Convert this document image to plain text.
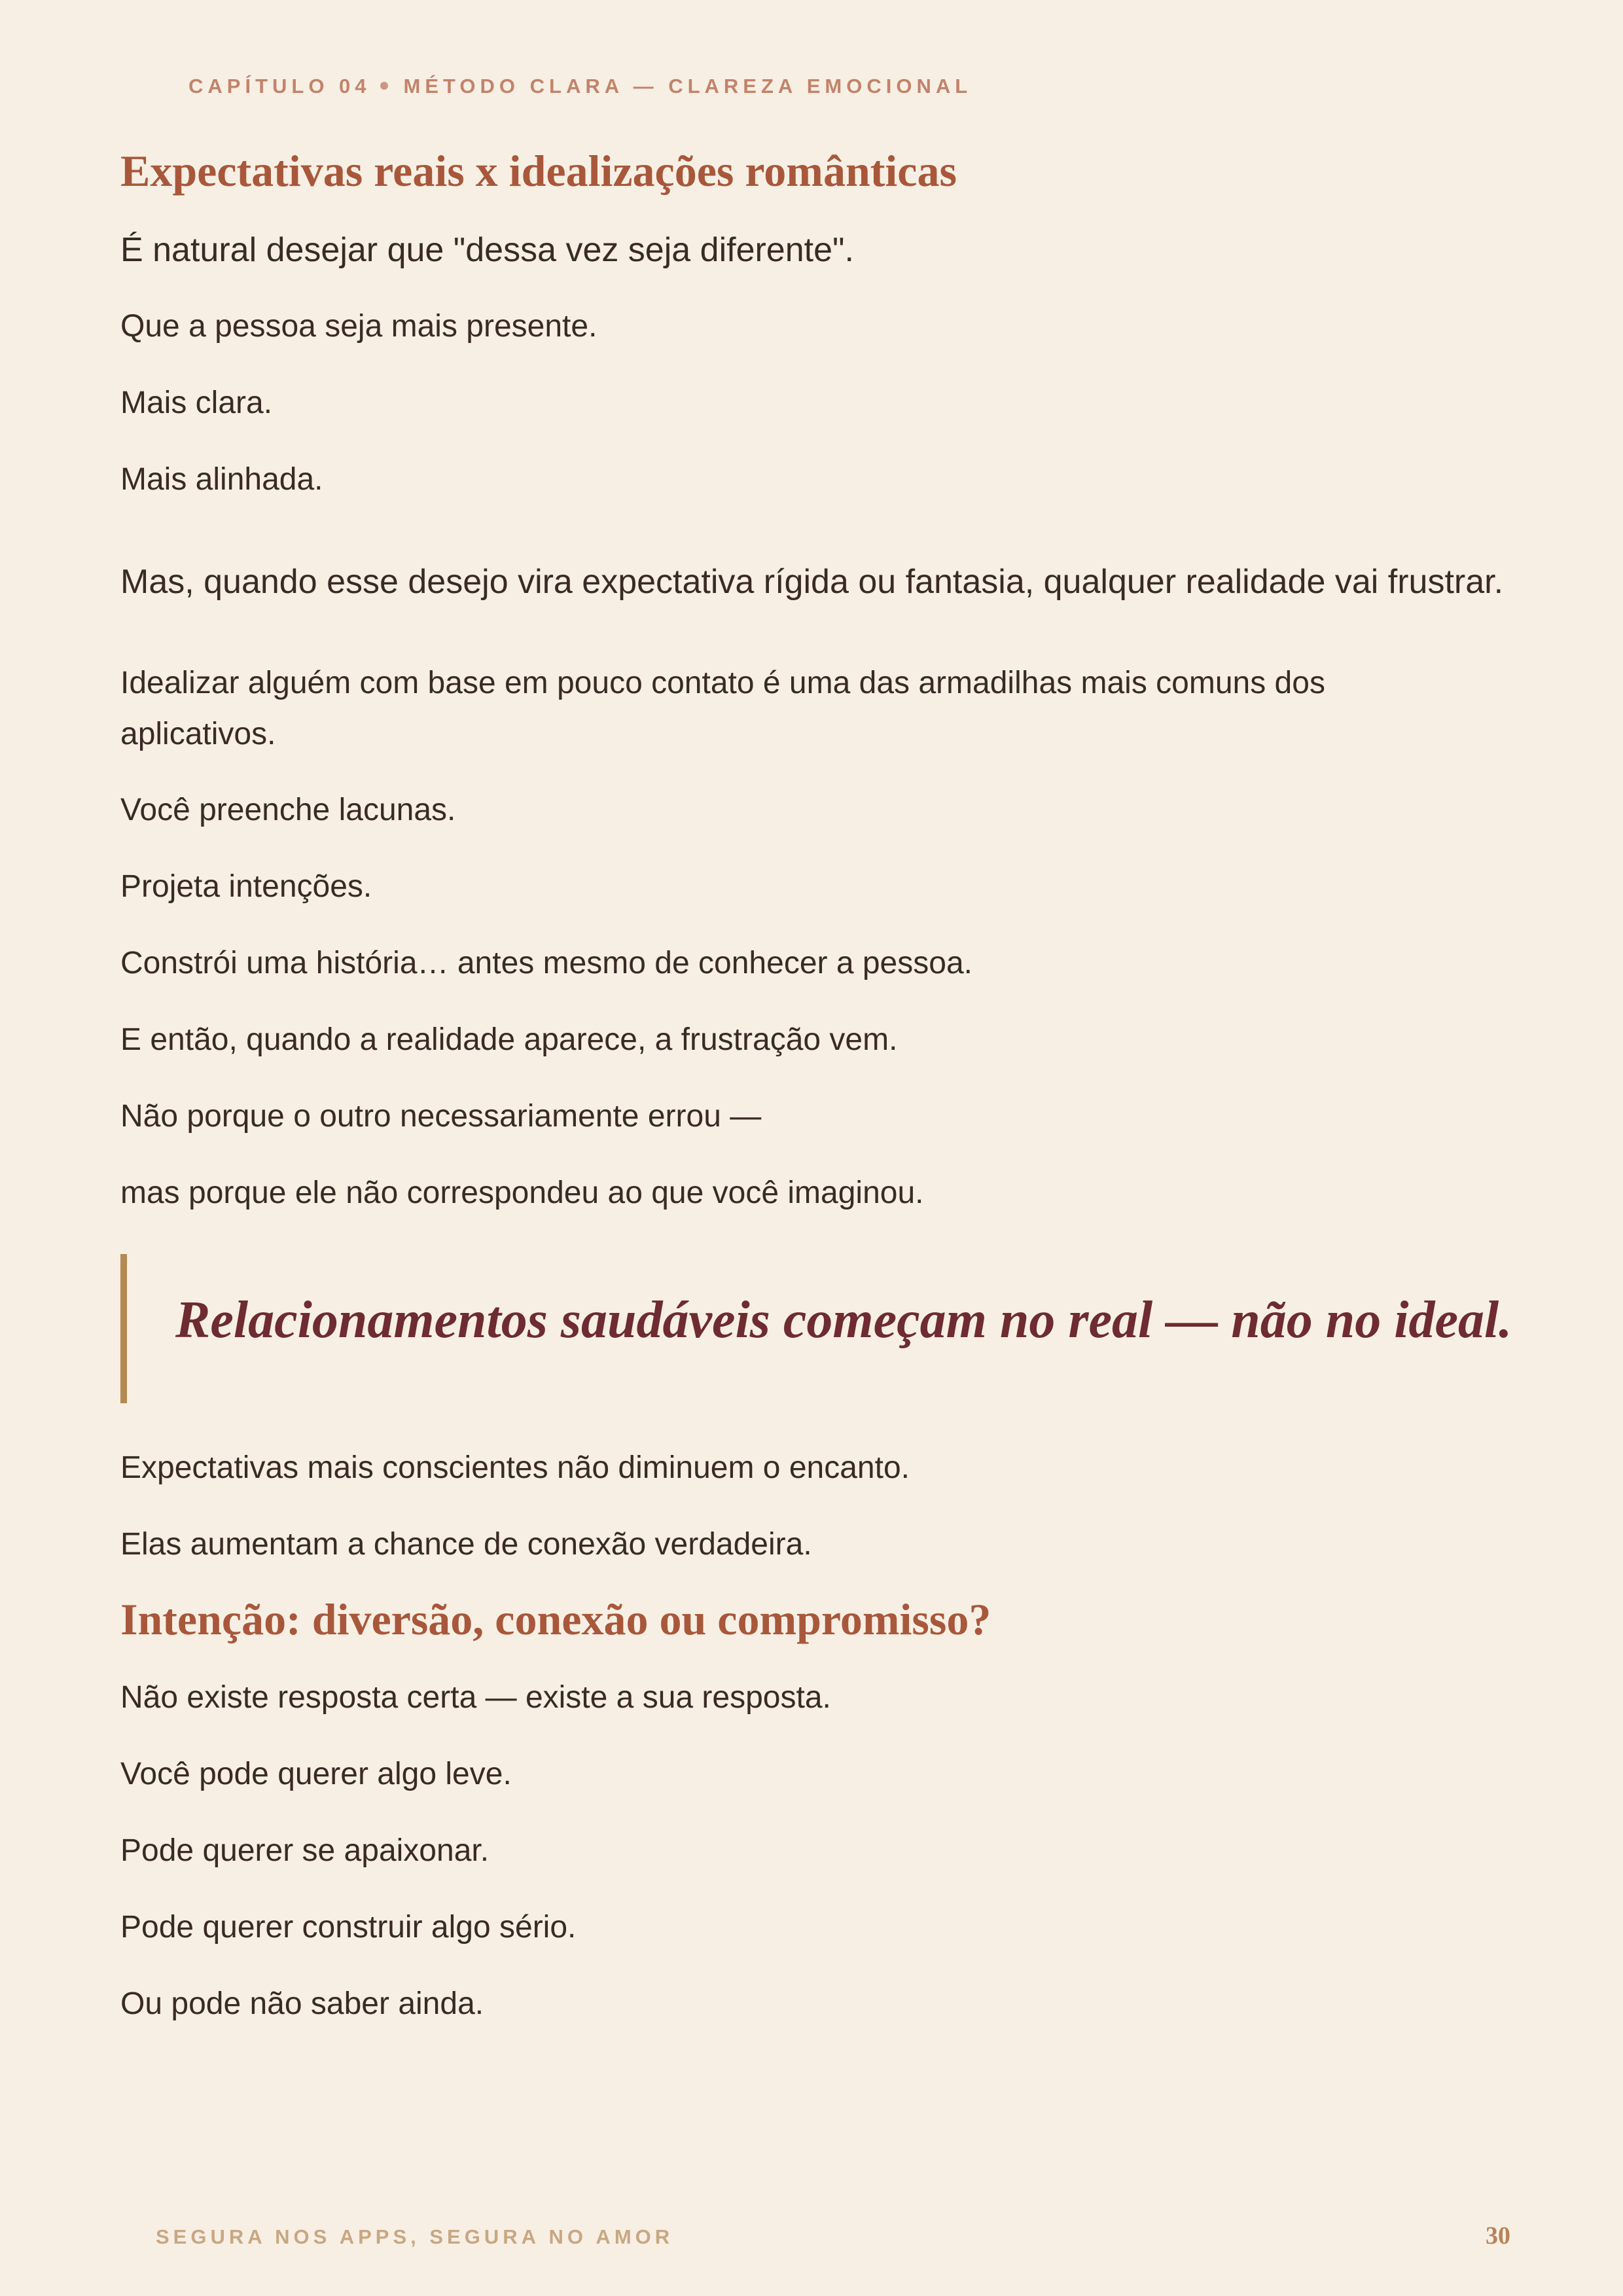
CAPÍTULO 04 MÉTODO CLARA — CLAREZA EMOCIONAL
Expectativas reais x idealizações românticas

É natural desejar que "dessa vez seja diferente".

Que a pessoa seja mais presente.

Mais clara.

Mais alinhada.

Mas, quando esse desejo vira expectativa rígida ou fantasia, qualquer realidade vai frustrar.

Idealizar alguém com base em pouco contato é uma das armadilhas mais comuns dos aplicativos.

Você preenche lacunas.

Projeta intenções.

Constrói uma história… antes mesmo de conhecer a pessoa.

E então, quando a realidade aparece, a frustração vem.

Não porque o outro necessariamente errou —

mas porque ele não correspondeu ao que você imaginou.

Relacionamentos saudáveis começam no real — não no ideal.

Expectativas mais conscientes não diminuem o encanto.

Elas aumentam a chance de conexão verdadeira.

Intenção: diversão, conexão ou compromisso?

Não existe resposta certa — existe a sua resposta.

Você pode querer algo leve.

Pode querer se apaixonar.

Pode querer construir algo sério.

Ou pode não saber ainda.

SEGURA NOS APPS, SEGURA NO AMOR	30
